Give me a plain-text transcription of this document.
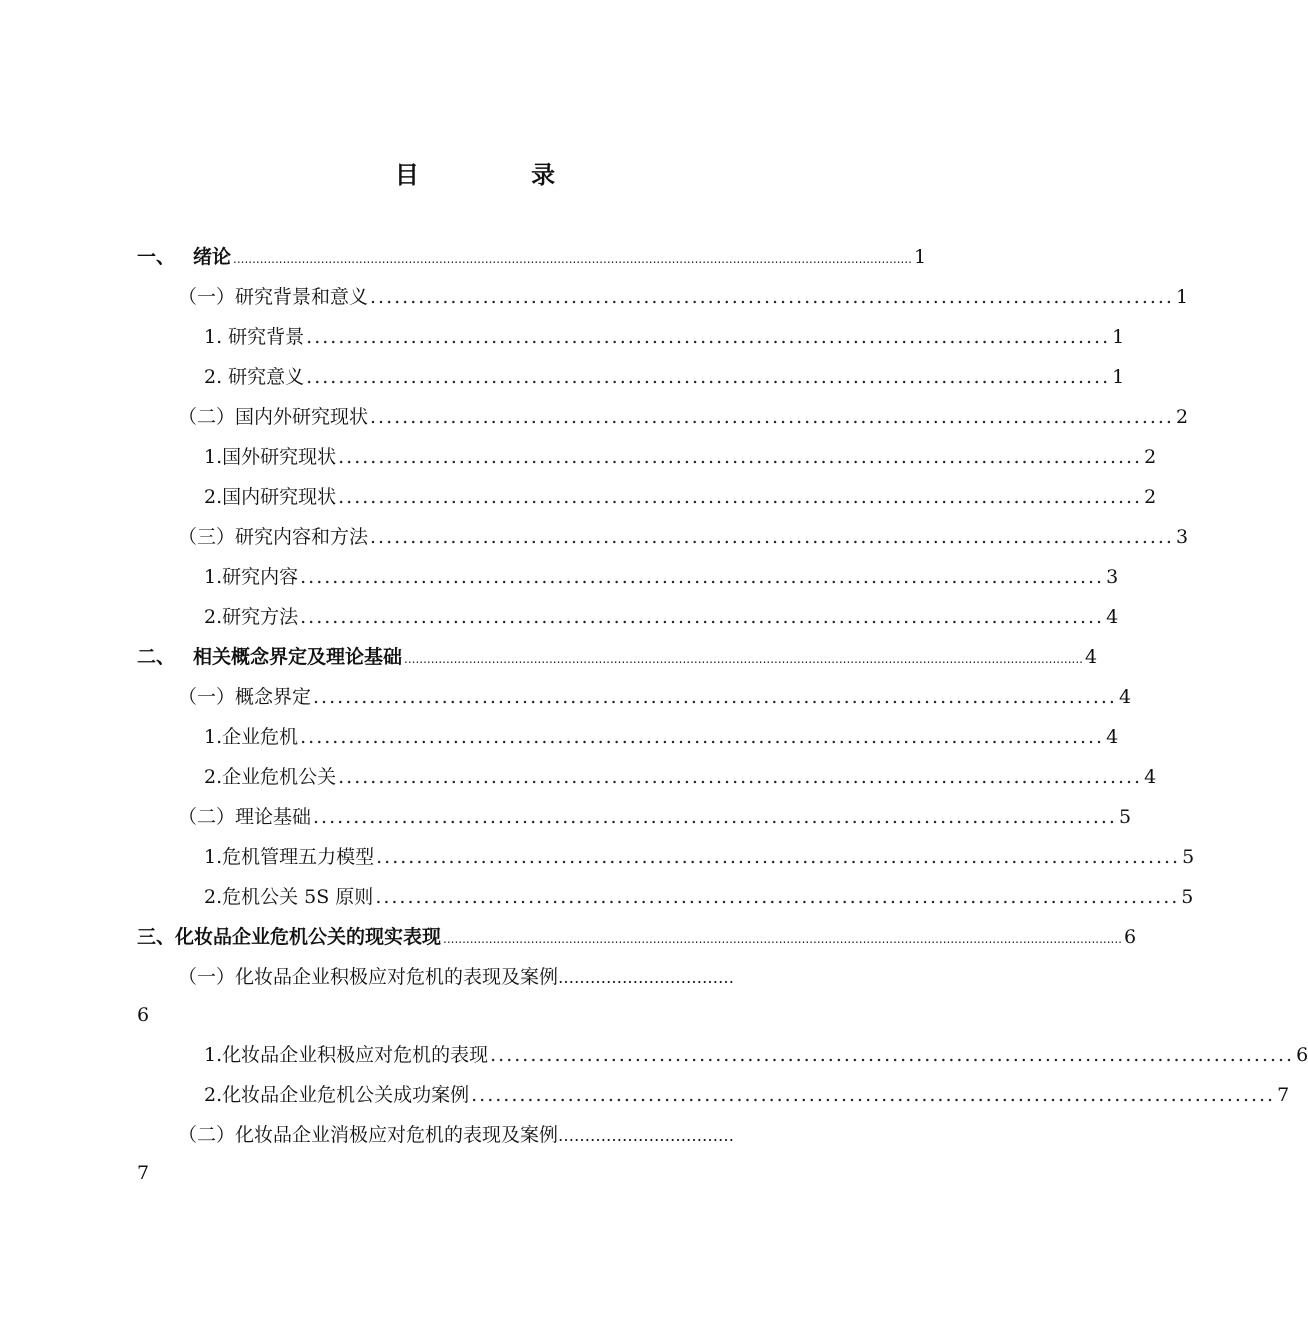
目 录
一、 绪论 .................................................................................................................................................................................. 1
（一）研究背景和意义 .................................................................................................... 1
1. 研究背景 .................................................................................................... 1
2. 研究意义 .................................................................................................... 1
（二）国内外研究现状 .................................................................................................... 2
1.国外研究现状 .................................................................................................... 2
2.国内研究现状 .................................................................................................... 2
（三）研究内容和方法 .................................................................................................... 3
1.研究内容 .................................................................................................... 3
2.研究方法 .................................................................................................... 4
二、 相关概念界定及理论基础 .................................................................................................................................................................................. 4
（一）概念界定 .................................................................................................... 4
1.企业危机 .................................................................................................... 4
2.企业危机公关 .................................................................................................... 4
（二）理论基础 .................................................................................................... 5
1.危机管理五力模型 .................................................................................................... 5
2.危机公关 5S 原则 .................................................................................................... 5
三、化妆品企业危机公关的现实表现 .................................................................................................................................................................................. 6
（一）化妆品企业积极应对危机的表现及案例……………………………
6
1.化妆品企业积极应对危机的表现 .................................................................................................... 6
2.化妆品企业危机公关成功案例 .................................................................................................... 7
（二）化妆品企业消极应对危机的表现及案例……………………………
7
